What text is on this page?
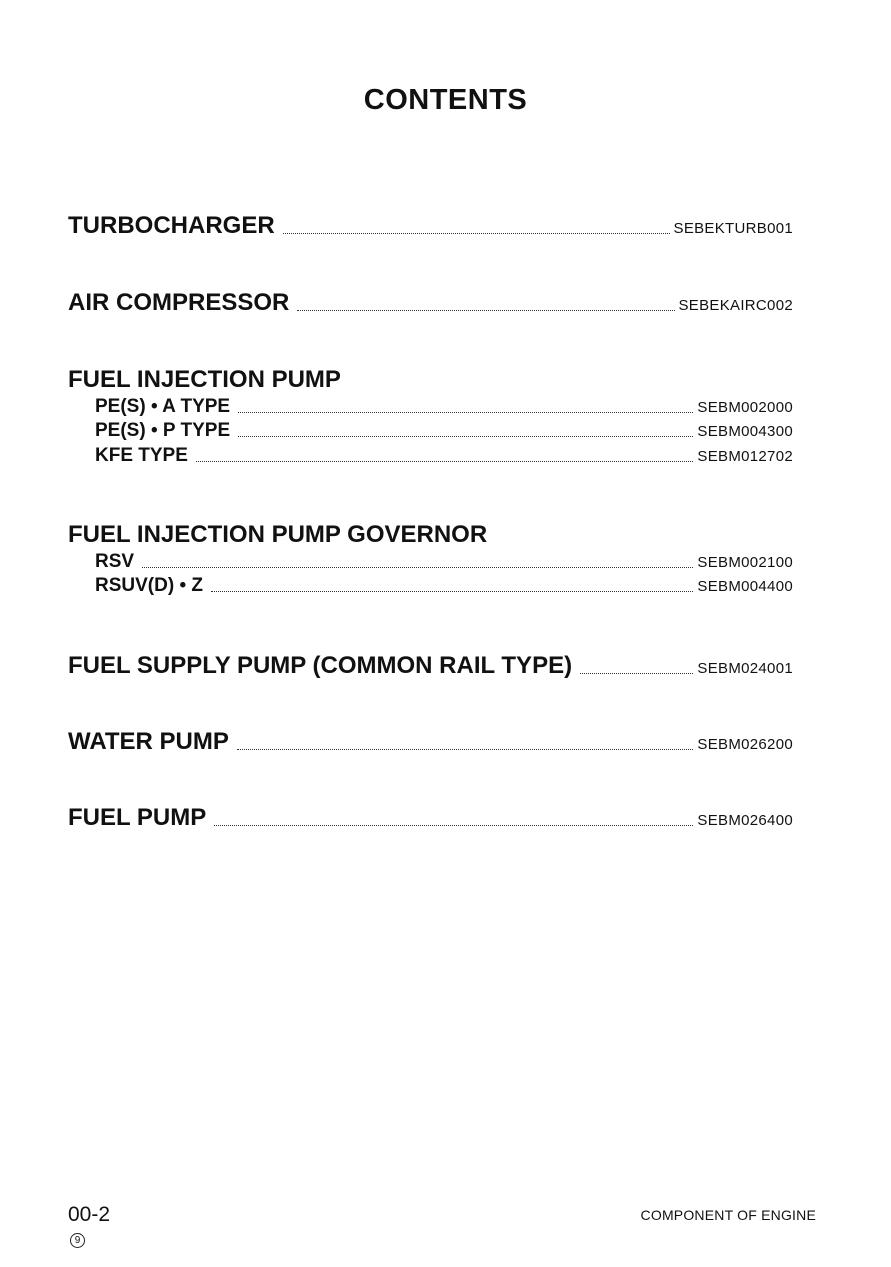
CONTENTS
TURBOCHARGER	SEBEKTURB001
AIR COMPRESSOR	SEBEKAIRC002
FUEL INJECTION PUMP
PE(S) • A TYPE	SEBM002000
PE(S) • P TYPE	SEBM004300
KFE TYPE	SEBM012702
FUEL INJECTION PUMP GOVERNOR
RSV	SEBM002100
RSUV(D) • Z	SEBM004400
FUEL SUPPLY PUMP (COMMON RAIL TYPE)	SEBM024001
WATER PUMP	SEBM026200
FUEL PUMP	SEBM026400
00-2
9
COMPONENT OF ENGINE
